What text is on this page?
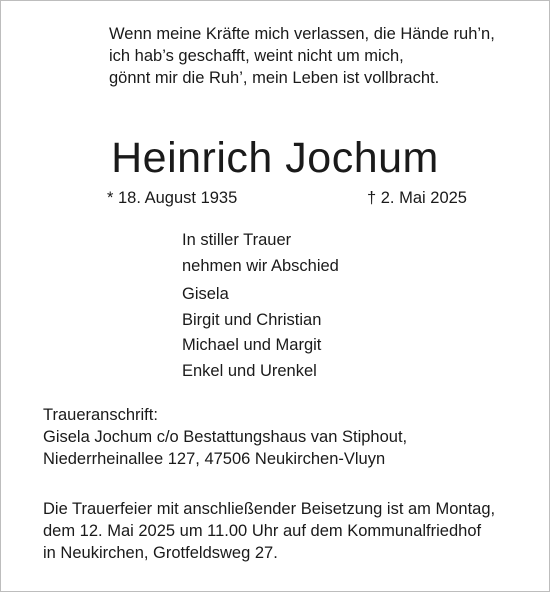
Wenn meine Kräfte mich verlassen, die Hände ruh’n,
ich hab’s geschafft, weint nicht um mich,
gönnt mir die Ruh’, mein Leben ist vollbracht.
Heinrich Jochum
* 18. August 1935	† 2. Mai 2025
In stiller Trauer
nehmen wir Abschied
Gisela
Birgit und Christian
Michael und Margit
Enkel und Urenkel
Traueranschrift:
Gisela Jochum c/o Bestattungshaus van Stiphout,
Niederrheinallee 127, 47506 Neukirchen-Vluyn
Die Trauerfeier mit anschließender Beisetzung ist am Montag,
dem 12. Mai 2025 um 11.00 Uhr auf dem Kommunalfriedhof
in Neukirchen, Grotfeldsweg 27.
